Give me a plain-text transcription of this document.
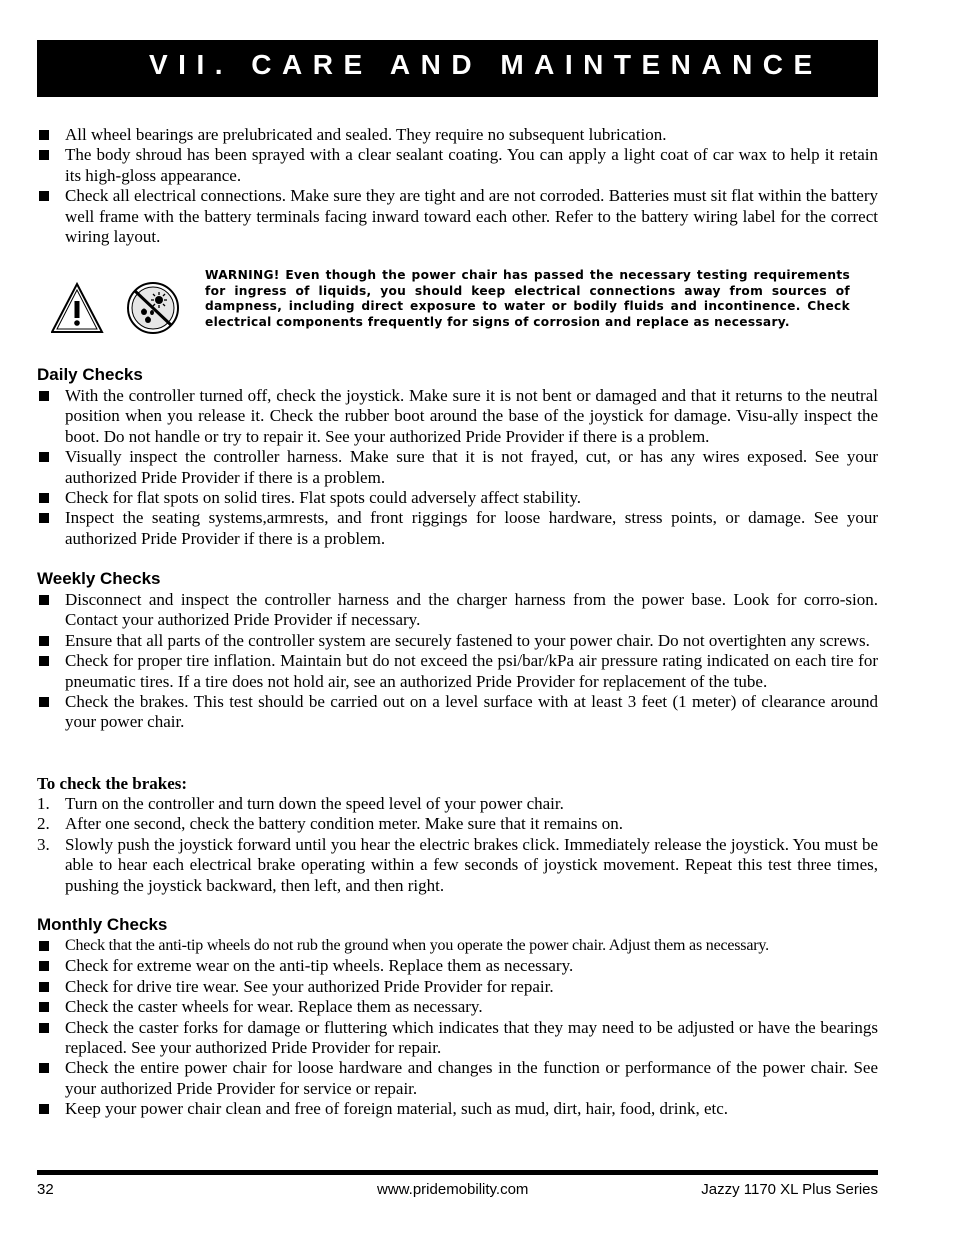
VII. CARE AND MAINTENANCE
All wheel bearings are prelubricated and sealed. They require no subsequent lubrication.
The body shroud has been sprayed with a clear sealant coating. You can apply a light coat of car wax to help it retain its high-gloss appearance.
Check all electrical connections. Make sure they are tight and are not corroded. Batteries must sit flat within the battery well frame with the battery terminals facing inward toward each other. Refer to the battery wiring label for the correct wiring layout.
WARNING! Even though the power chair has passed the necessary testing requirements for ingress of liquids, you should keep electrical connections away from sources of dampness, including direct exposure to water or bodily fluids and incontinence. Check electrical components frequently for signs of corrosion and replace as necessary.
Daily Checks
With the controller turned off, check the joystick. Make sure it is not bent or damaged and that it returns to the neutral position when you release it. Check the rubber boot around the base of the joystick for damage. Visu-ally inspect the boot. Do not handle or try to repair it. See your authorized Pride Provider if there is a problem.
Visually inspect the controller harness. Make sure that it is not frayed, cut, or has any wires exposed. See your authorized Pride Provider if there is a problem.
Check for flat spots on solid tires. Flat spots could adversely affect stability.
Inspect the seating systems,armrests, and front riggings for loose hardware, stress points, or damage. See your authorized Pride Provider if there is a problem.
Weekly Checks
Disconnect and inspect the controller harness and the charger harness from the power base. Look for corro-sion. Contact your authorized Pride Provider if necessary.
Ensure that all parts of the controller system are securely fastened to your power chair. Do not overtighten any screws.
Check for proper tire inflation. Maintain but do not exceed the psi/bar/kPa air pressure rating indicated on each tire for pneumatic tires. If a tire does not hold air, see an authorized Pride Provider for replacement of the tube.
Check the brakes. This test should be carried out on a level surface with at least 3 feet (1 meter) of clearance around your power chair.
To check the brakes:
1. Turn on the controller and turn down the speed level of your power chair.
2. After one second, check the battery condition meter. Make sure that it remains on.
3. Slowly push the joystick forward until you hear the electric brakes click. Immediately release the joystick. You must be able to hear each electrical brake operating within a few seconds of joystick movement. Repeat this test three times, pushing the joystick backward, then left, and then right.
Monthly Checks
Check that the anti-tip wheels do not rub the ground when you operate the power chair. Adjust them as necessary.
Check for extreme wear on the anti-tip wheels. Replace them as necessary.
Check for drive tire wear. See your authorized Pride Provider for repair.
Check the caster wheels for wear. Replace them as necessary.
Check the caster forks for damage or fluttering which indicates that they may need to be adjusted or have the bearings replaced. See your authorized Pride Provider for repair.
Check the entire power chair for loose hardware and changes in the function or performance of the power chair. See your authorized Pride Provider for service or repair.
Keep your power chair clean and free of foreign material, such as mud, dirt, hair, food, drink, etc.
32	www.pridemobility.com	Jazzy 1170 XL Plus Series
